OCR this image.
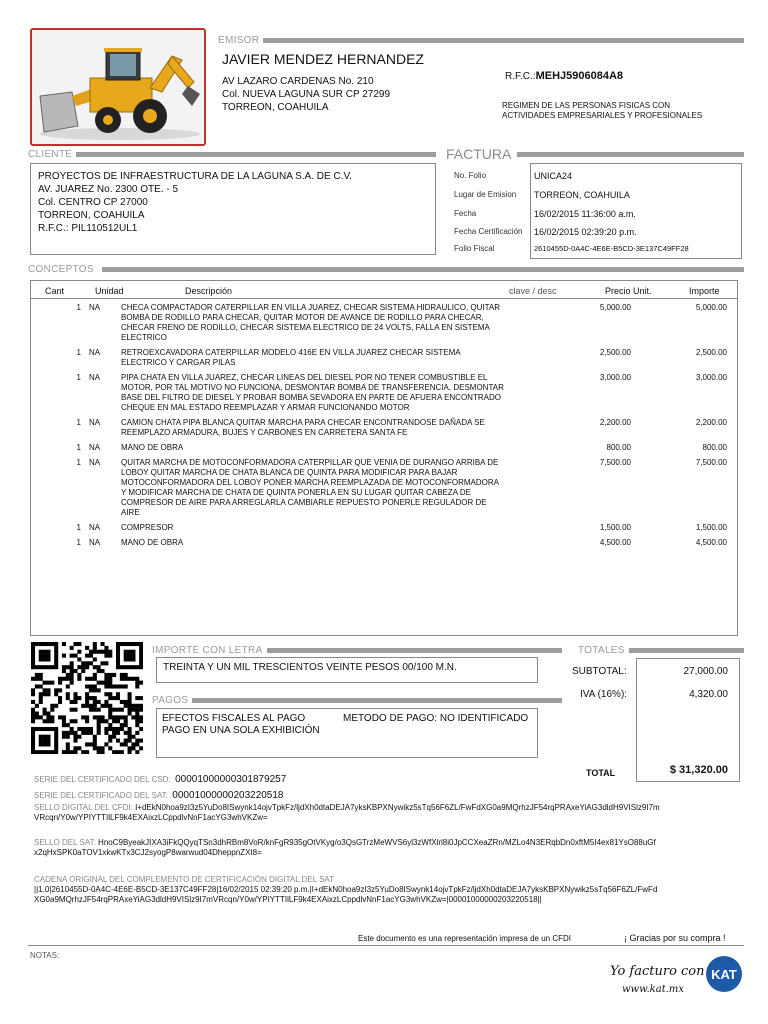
EMISOR
JAVIER MENDEZ HERNANDEZ
AV LAZARO CARDENAS No. 210
Col. NUEVA LAGUNA SUR CP 27299
TORREON, COAHUILA
R.F.C.:MEHJ5906084A8
REGIMEN DE LAS PERSONAS FISICAS CON
ACTIVIDADES EMPRESARIALES Y PROFESIONALES
CLIENTE
PROYECTOS DE INFRAESTRUCTURA DE LA LAGUNA S.A. DE C.V.
AV. JUAREZ No. 2300 OTE. - 5
Col. CENTRO CP 27000
TORREON, COAHUILA
R.F.C.: PIL110512UL1
FACTURA
No. Folio	UNICA24
Lugar de Emision	TORREON, COAHUILA
Fecha	16/02/2015 11:36:00 a.m.
Fecha Certificación	16/02/2015 02:39:20 p.m.
Folio Fiscal	2610455D-0A4C-4E6E-B5CD-3E137C49FF28
CONCEPTOS
Cant	Unidad	Descripción	clave / desc	Precio Unit.	Importe
1 NA	CHECA COMPACTADOR CATERPILLAR EN VILLA JUAREZ, CHECAR SISTEMA HIDRAULICO, QUITAR
BOMBA DE RODILLO PARA CHECAR, QUITAR MOTOR DE AVANCE DE RODILLO PARA CHECAR,
CHECAR FRENO DE RODILLO, CHECAR SISTEMA ELECTRICO DE 24 VOLTS, FALLA EN SISTEMA
ELECTRICO
5,000.00	5,000.00
1 NA	RETROEXCAVADORA CATERPILLAR MODELO 416E EN VILLA JUAREZ CHECAR SISTEMA
ELECTRICO Y CARGAR PILAS
2,500.00	2,500.00
1 NA	PIPA CHATA EN VILLA JUAREZ, CHECAR LINEAS DEL DIESEL POR NO TENER COMBUSTIBLE EL
MOTOR, POR TAL MOTIVO NO FUNCIONA, DESMONTAR BOMBA DE TRANSFERENCIA, DESMONTAR
BASE DEL FILTRO DE DIESEL Y PROBAR BOMBA SEVADORA EN PARTE DE AFUERA ENCONTRADO
CHEQUE EN MAL ESTADO REEMPLAZAR Y ARMAR FUNCIONANDO MOTOR
3,000.00	3,000.00
1 NA	CAMION CHATA PIPA BLANCA QUITAR MARCHA PARA CHECAR ENCONTRANDOSE DAÑADA SE
REEMPLAZO ARMADURA, BUJES Y CARBONES EN CARRETERA SANTA FE
2,200.00	2,200.00
1 NA	MANO DE OBRA	800.00	800.00
1 NA	QUITAR MARCHA DE MOTOCONFORMADORA CATERPILLAR QUE VENIA DE DURANGO ARRIBA DE
LOBOY QUITAR MARCHA DE CHATA BLANCA DE QUINTA PARA MODIFICAR PARA BAJAR
MOTOCONFORMADORA DEL LOBOY PONER MARCHA REEMPLAZADA DE MOTOCONFORMADORA
Y MODIFICAR MARCHA DE CHATA DE QUINTA PONERLA EN SU LUGAR QUITAR CABEZA DE
COMPRESOR DE AIRE PARA ARREGLARLA CAMBIARLE REPUESTO PONERLE REGULADOR DE
AIRE
7,500.00	7,500.00
1 NA	COMPRESOR	1,500.00	1,500.00
1 NA	MANO DE OBRA	4,500.00	4,500.00
IMPORTE CON LETRA
TREINTA Y UN MIL TRESCIENTOS VEINTE PESOS 00/100 M.N.
PAGOS
EFECTOS FISCALES AL PAGO
PAGO EN UNA SOLA EXHIBICIÓN
METODO DE PAGO: NO IDENTIFICADO
TOTALES
SUBTOTAL:	27,000.00
IVA (16%):	4,320.00
TOTAL	$ 31,320.00
SERIE DEL CERTIFICADO DEL CSD: 00001000000301879257
SERIE DEL CERTIFICADO DEL SAT: 00001000000203220518
SELLO DIGITAL DEL CFDI: I+dEkN0hoa9zI3z5YuDo8ISwynk14ojvTpkFz/ljdXh0dtaDEJA7yksKBPXNywikz5sTq56F6ZL/FwFdXG0a9MQrhzJF54rqPRAxeYiAG3dldH9VISlz9I7m
VRcqn/Y0w/YPIYTTIlLF9k4EXAixzLCppdlvNnF1acYG3whVKZw=
SELLO DEL SAT: HnoC9ByeakJIXA3iFkQQyqTSn3dhRBm8VoR/knFgR935gOtVKyg/o3QsGTrzMeWVS6yl3zWfXlrl8i0JpCCXeaZRn/MZLo4N3ERqbDn0xftM5I4ex81YsO88uGf
x2qHxSPK0aTOV1xkwKTx3CJ2syogP8warwud04DheppnZXt8=
CADENA ORIGINAL DEL COMPLEMENTO DE CERTIFICACIÓN DIGITAL DEL SAT
||1.0|2610455D-0A4C-4E6E-B5CD-3E137C49FF28|16/02/2015 02:39:20 p.m.|I+dEkN0hoa9zI3z5YuDo8ISwynk14ojvTpkFz/ljdXh0dtaDEJA7yksKBPXNywikz5sTq56F6ZL/FwFd
XG0a9MQrhzJF54rqPRAxeYiAG3dldH9VISlz9I7mVRcqn/Y0w/YPIYTTIlLF9k4EXAixzLCppdlvNnF1acYG3whVKZw=|00001000000203220518||
Este documento es una representación impresa de un CFDI	¡ Gracias por su compra !
NOTAS:
Yo facturo con
www.kat.mx
KAT
